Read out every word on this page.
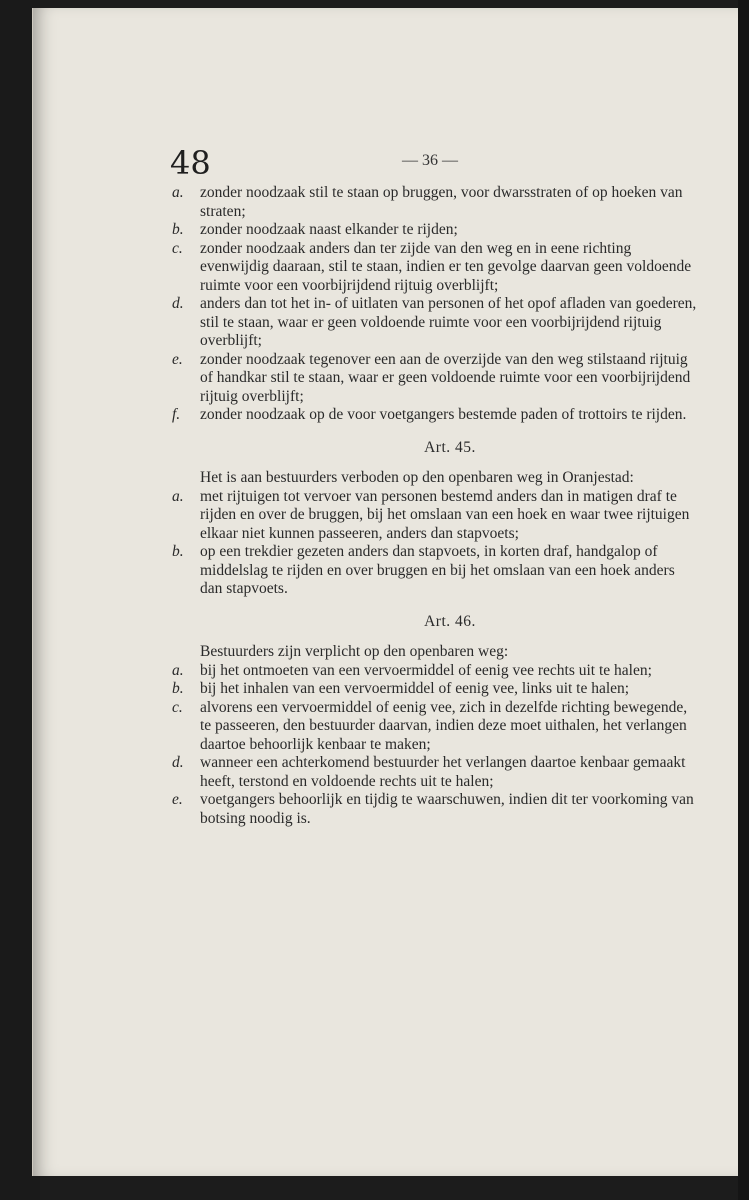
48	— 36 —
a. zonder noodzaak stil te staan op bruggen, voor dwarsstraten of op hoeken van straten;
b. zonder noodzaak naast elkander te rijden;
c. zonder noodzaak anders dan ter zijde van den weg en in eene richting evenwijdig daaraan, stil te staan, indien er ten gevolge daarvan geen voldoende ruimte voor een voorbijrijdend rijtuig overblijft;
d. anders dan tot het in- of uitlaten van personen of het opof afladen van goederen, stil te staan, waar er geen voldoende ruimte voor een voorbijrijdend rijtuig overblijft;
e. zonder noodzaak tegenover een aan de overzijde van den weg stilstaand rijtuig of handkar stil te staan, waar er geen voldoende ruimte voor een voorbijrijdend rijtuig overblijft;
f. zonder noodzaak op de voor voetgangers bestemde paden of trottoirs te rijden.
Art. 45.
Het is aan bestuurders verboden op den openbaren weg in Oranjestad:
a. met rijtuigen tot vervoer van personen bestemd anders dan in matigen draf te rijden en over de bruggen, bij het omslaan van een hoek en waar twee rijtuigen elkaar niet kunnen passeeren, anders dan stapvoets;
b. op een trekdier gezeten anders dan stapvoets, in korten draf, handgalop of middelslag te rijden en over bruggen en bij het omslaan van een hoek anders dan stapvoets.
Art. 46.
Bestuurders zijn verplicht op den openbaren weg:
a. bij het ontmoeten van een vervoermiddel of eenig vee rechts uit te halen;
b. bij het inhalen van een vervoermiddel of eenig vee, links uit te halen;
c. alvorens een vervoermiddel of eenig vee, zich in dezelfde richting bewegende, te passeeren, den bestuurder daarvan, indien deze moet uithalen, het verlangen daartoe behoorlijk kenbaar te maken;
d. wanneer een achterkomend bestuurder het verlangen daartoe kenbaar gemaakt heeft, terstond en voldoende rechts uit te halen;
e. voetgangers behoorlijk en tijdig te waarschuwen, indien dit ter voorkoming van botsing noodig is.
